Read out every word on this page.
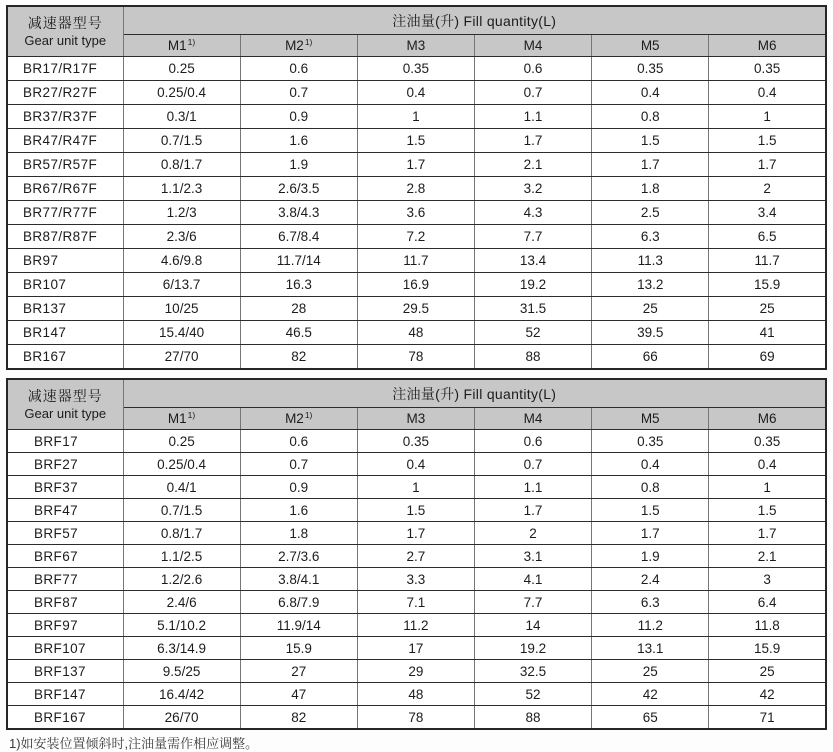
减速器型号
Gear unit type	注油量(升) Fill quantity(L)					
	M1$^{1)}$	M2$^{1)}$	M3	M4	M5	M6
BR17/R17F	0.25	0.6	0.35	0.6	0.35	0.35
BR27/R27F	0.25/0.4	0.7	0.4	0.7	0.4	0.4
BR37/R37F	0.3/1	0.9	1	1.1	0.8	1
BR47/R47F	0.7/1.5	1.6	1.5	1.7	1.5	1.5
BR57/R57F	0.8/1.7	1.9	1.7	2.1	1.7	1.7
BR67/R67F	1.1/2.3	2.6/3.5	2.8	3.2	1.8	2
BR77/R77F	1.2/3	3.8/4.3	3.6	4.3	2.5	3.4
BR87/R87F	2.3/6	6.7/8.4	7.2	7.7	6.3	6.5
BR97	4.6/9.8	11.7/14	11.7	13.4	11.3	11.7
BR107	6/13.7	16.3	16.9	19.2	13.2	15.9
BR137	10/25	28	29.5	31.5	25	25
BR147	15.4/40	46.5	48	52	39.5	41
BR167	27/70	82	78	88	66	69
减速器型号
Gear unit type	注油量(升) Fill quantity(L)					
	M1$^{1)}$	M2$^{1)}$	M3	M4	M5	M6
BRF17	0.25	0.6	0.35	0.6	0.35	0.35
BRF27	0.25/0.4	0.7	0.4	0.7	0.4	0.4
BRF37	0.4/1	0.9	1	1.1	0.8	1
BRF47	0.7/1.5	1.6	1.5	1.7	1.5	1.5
BRF57	0.8/1.7	1.8	1.7	2	1.7	1.7
BRF67	1.1/2.5	2.7/3.6	2.7	3.1	1.9	2.1
BRF77	1.2/2.6	3.8/4.1	3.3	4.1	2.4	3
BRF87	2.4/6	6.8/7.9	7.1	7.7	6.3	6.4
BRF97	5.1/10.2	11.9/14	11.2	14	11.2	11.8
BRF107	6.3/14.9	15.9	17	19.2	13.1	15.9
BRF137	9.5/25	27	29	32.5	25	25
BRF147	16.4/42	47	48	52	42	42
BRF167	26/70	82	78	88	65	71
1)如安装位置倾斜时,注油量需作相应调整。
